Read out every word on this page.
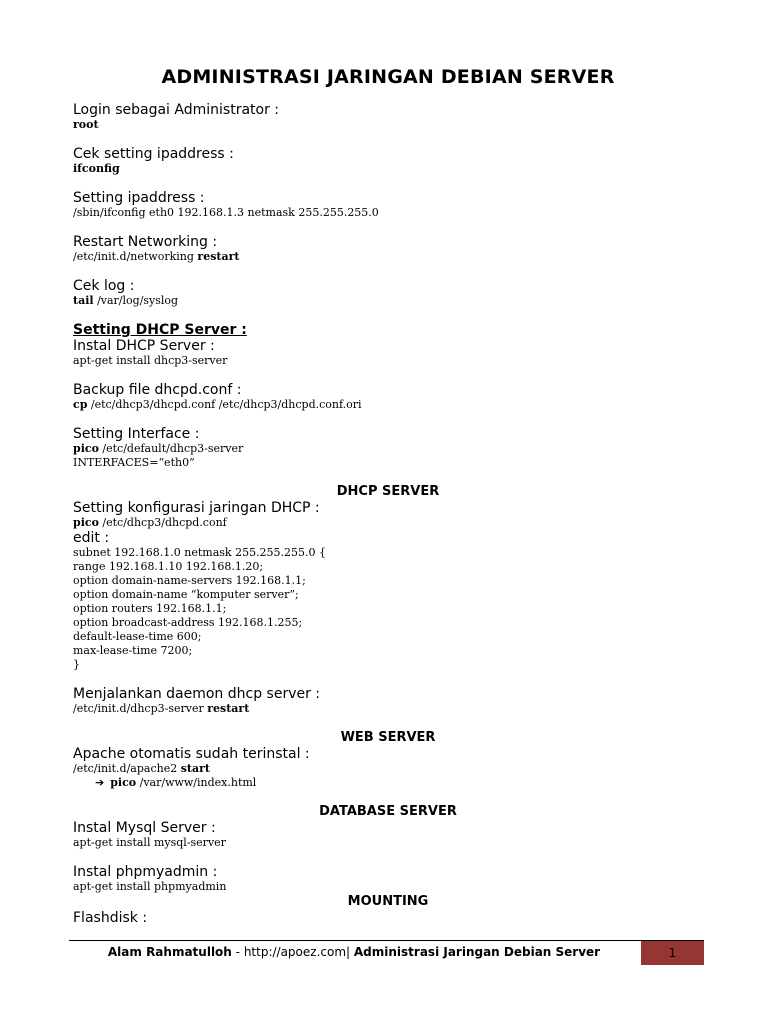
ADMINISTRASI JARINGAN DEBIAN SERVER

Login sebagai Administrator :

root

Cek setting ipaddress :

ifconfig

Setting ipaddress :

/sbin/ifconfig eth0 192.168.1.3 netmask 255.255.255.0

Restart Networking :

/etc/init.d/networking restart

Cek log :

tail /var/log/syslog

Setting DHCP Server :

Instal DHCP Server :

apt-get install dhcp3-server

Backup file dhcpd.conf :

cp /etc/dhcp3/dhcpd.conf /etc/dhcp3/dhcpd.conf.ori

Setting Interface :

pico /etc/default/dhcp3-server

INTERFACES=“eth0”

DHCP SERVER

Setting konfigurasi jaringan DHCP :

pico /etc/dhcp3/dhcpd.conf

edit :

subnet 192.168.1.0 netmask 255.255.255.0 {

range 192.168.1.10 192.168.1.20;

option domain-name-servers 192.168.1.1;

option domain-name “komputer server”;

option routers 192.168.1.1;

option broadcast-address 192.168.1.255;

default-lease-time 600;

max-lease-time 7200;

}

Menjalankan daemon dhcp server :

/etc/init.d/dhcp3-server restart

WEB SERVER

Apache otomatis sudah terinstal :

/etc/init.d/apache2 start

➔ pico /var/www/index.html

DATABASE SERVER

Instal Mysql Server :

apt-get install mysql-server

Instal phpmyadmin :

apt-get install phpmyadmin

MOUNTING

Flashdisk :

Alam Rahmatulloh - http://apoez.com| Administrasi Jaringan Debian Server	1
